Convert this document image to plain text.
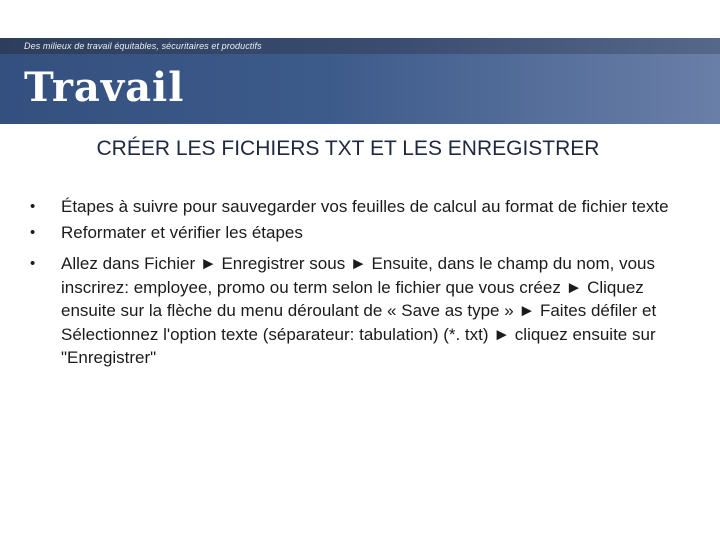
Des milieux de travail équitables, sécuritaires et productifs
Travail
CRÉER LES FICHIERS TXT ET LES ENREGISTRER
• Étapes à suivre pour sauvegarder vos feuilles de calcul au format de fichier texte
• Reformater et vérifier les étapes
• Allez dans Fichier ► Enregistrer sous ► Ensuite, dans le champ du nom, vous inscrirez: employee, promo ou term selon le fichier que vous créez ► Cliquez ensuite sur la flèche du menu déroulant de « Save as type » ► Faites défiler et Sélectionnez l'option texte (séparateur: tabulation) (*. txt) ► cliquez ensuite sur "Enregistrer"
